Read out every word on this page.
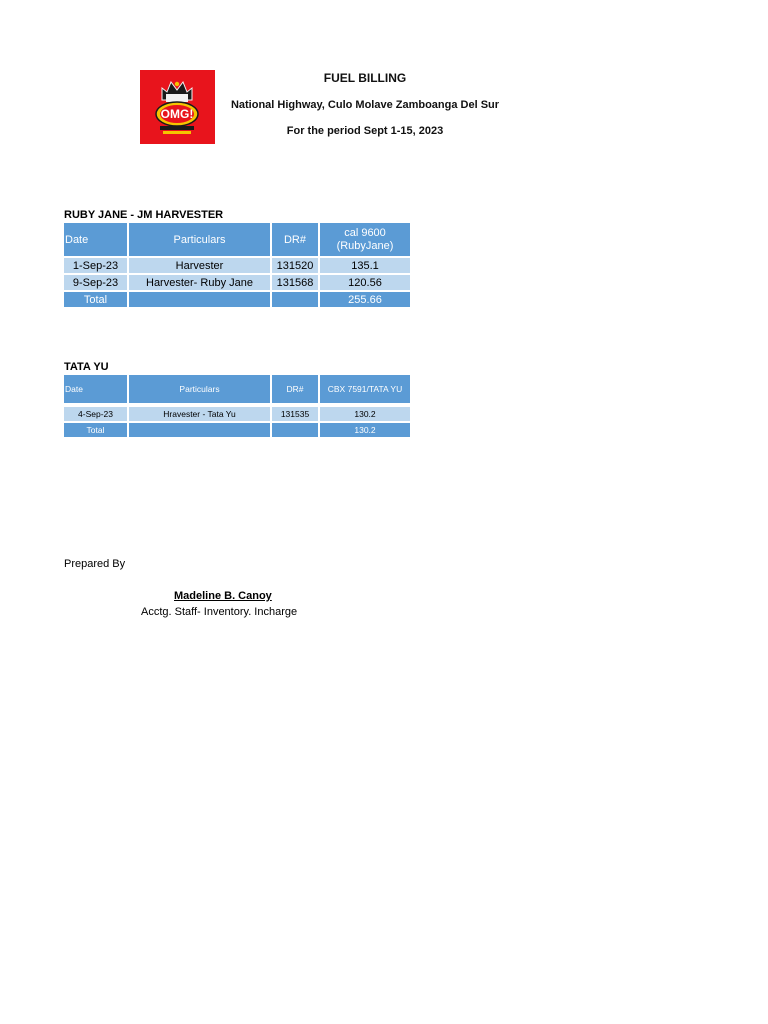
OMG!
FUEL BILLING
National Highway, Culo Molave Zamboanga Del Sur
For the period Sept 1-15, 2023
RUBY JANE - JM HARVESTER
Date	Particulars	DR#	cal 9600
(RubyJane)
1-Sep-23	Harvester	131520	135.1
9-Sep-23	Harvester- Ruby Jane	131568	120.56
Total			255.66
TATA YU
Date	Particulars	DR#	CBX 7591/TATA YU

4-Sep-23	Hravester - Tata Yu	131535	130.2
Total			130.2
Prepared By
Madeline B. Canoy
Acctg. Staff- Inventory. Incharge
